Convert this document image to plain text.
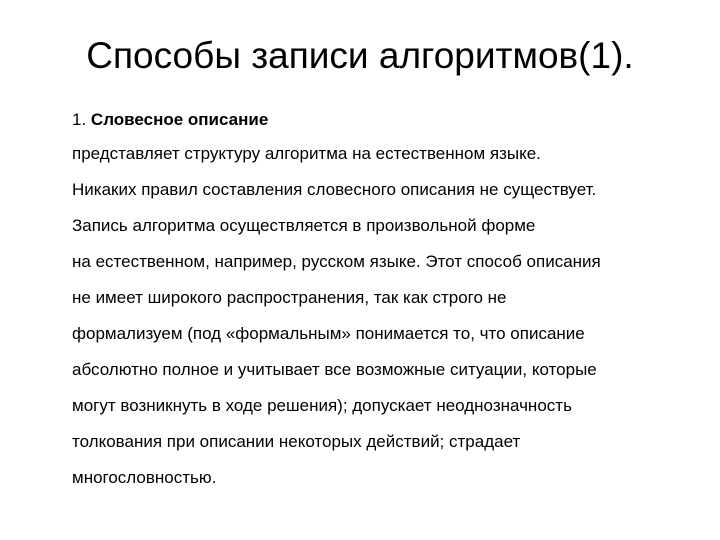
Способы записи алгоритмов(1).
1. Словесное описание
представляет структуру алгоритма на естественном языке.
Никаких правил составления словесного описания не существует.
Запись алгоритма осуществляется в произвольной форме
на естественном, например, русском языке. Этот способ описания
не имеет широкого распространения, так как строго не
формализуем (под «формальным» понимается то, что описание
абсолютно полное и учитывает все возможные ситуации, которые
могут возникнуть в ходе решения); допускает неоднозначность
толкования при описании некоторых действий; страдает
многословностью.
